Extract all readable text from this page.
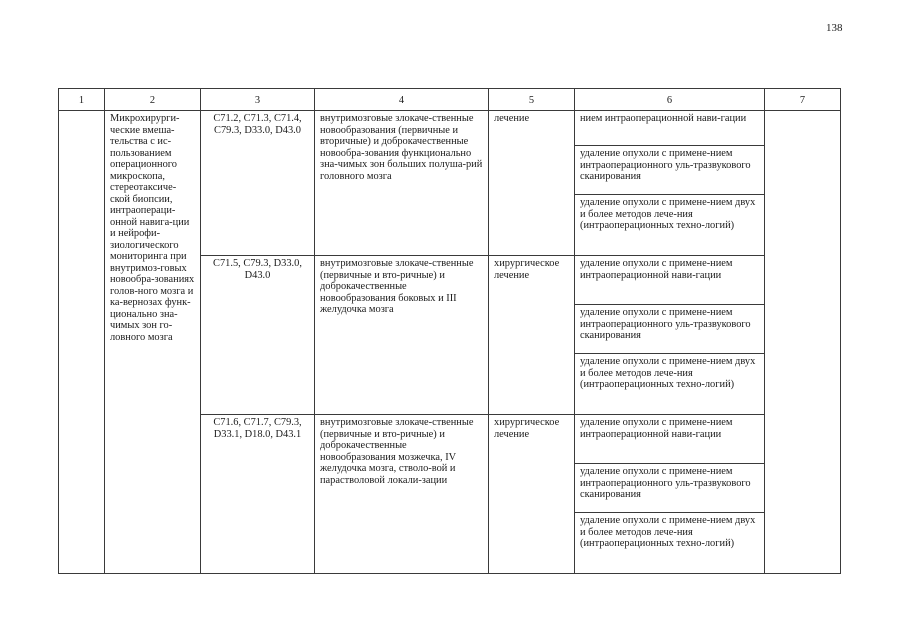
138
1	2	3	4	5	6	7
	Микрохирурги-ческие вмеша-тельства с ис-пользованием операционного микроскопа, стереотаксиче-ской биопсии, интраопераци-онной навига-ции и нейрофи-зиологического мониторинга при внутримоз-говых новообра-зованиях голов-ного мозга и ка-вернозах функ-ционально зна-чимых зон го-ловного мозга	C71.2, C71.3, C71.4, C79.3, D33.0, D43.0	внутримозговые злокаче-ственные новообразования (первичные и вторичные) и доброкачественные новообра-зования функционально зна-чимых зон больших полуша-рий головного мозга	лечение	нием интраоперационной нави-гации	
					удаление опухоли с примене-нием интраоперационного уль-тразвукового сканирования	
					удаление опухоли с примене-нием двух и более методов лече-ния (интраоперационных техно-логий)	
		C71.5, C79.3, D33.0, D43.0	внутримозговые злокаче-ственные (первичные и вто-ричные) и доброкачественные новообразования боковых и III желудочка мозга	хирургическое лечение	удаление опухоли с примене-нием интраоперационной нави-гации	
					удаление опухоли с примене-нием интраоперационного уль-тразвукового сканирования	
					удаление опухоли с примене-нием двух и более методов лече-ния (интраоперационных техно-логий)	
		C71.6, C71.7, C79.3, D33.1, D18.0, D43.1	внутримозговые злокаче-ственные (первичные и вто-ричные) и доброкачественные новообразования мозжечка, IV желудочка мозга, стволо-вой и парастволовой локали-зации	хирургическое лечение	удаление опухоли с примене-нием интраоперационной нави-гации	
					удаление опухоли с примене-нием интраоперационного уль-тразвукового сканирования	
					удаление опухоли с примене-нием двух и более методов лече-ния (интраоперационных техно-логий)	
